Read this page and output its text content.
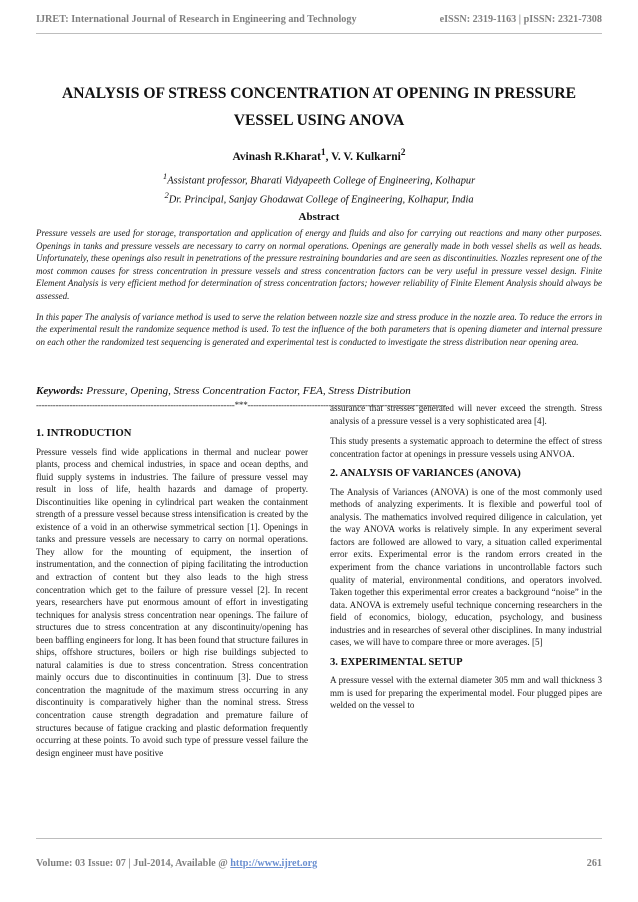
IJRET: International Journal of Research in Engineering and Technology	eISSN: 2319-1163 | pISSN: 2321-7308
ANALYSIS OF STRESS CONCENTRATION AT OPENING IN PRESSURE VESSEL USING ANOVA
Avinash R.Kharat$^1$, V. V. Kulkarni$^2$
$^1$Assistant professor, Bharati Vidyapeeth College of Engineering, Kolhapur
$^2$Dr. Principal, Sanjay Ghodawat College of Engineering, Kolhapur, India
Abstract

Pressure vessels are used for storage, transportation and application of energy and fluids and also for carrying out reactions and many other purposes. Openings in tanks and pressure vessels are necessary to carry on normal operations. Openings are generally made in both vessel shells as well as heads. Unfortunately, these openings also result in penetrations of the pressure restraining boundaries and are seen as discontinuities. Nozzles represent one of the most common causes for stress concentration in pressure vessels and stress concentration factors can be very useful in pressure vessel design. Finite Element Analysis is very efficient method for determination of stress concentration factors; however reliability of Finite Element Analysis should always be assessed.

In this paper The analysis of variance method is used to serve the relation between nozzle size and stress produce in the nozzle area. To reduce the errors in the experimental result the randomize sequence method is used. To test the influence of the both parameters that is opening diameter and internal pressure on each other the randomized test sequencing is generated and experimental test is conducted to investigate the stress distribution near opening area.

Keywords: Pressure, Opening, Stress Concentration Factor, FEA, Stress Distribution
-----------------------------------------------------------------------***-----------------------------------------------------------------------
1. INTRODUCTION

Pressure vessels find wide applications in thermal and nuclear power plants, process and chemical industries, in space and ocean depths, and fluid supply systems in industries. The failure of pressure vessel may result in loss of life, health hazards and damage of property. Discontinuities like opening in cylindrical part weaken the containment strength of a pressure vessel because stress intensification is created by the existence of a void in an otherwise symmetrical section [1]. Openings in tanks and pressure vessels are necessary to carry on normal operations. They allow for the mounting of equipment, the insertion of instrumentation, and the connection of piping facilitating the introduction and extraction of content but they also leads to the high stress concentration which get to the failure of pressure vessel [2]. In recent years, researchers have put enormous amount of effort in investigating techniques for analysis stress concentration near openings. The failure of structures due to stress concentration at any discontinuity/opening has been baffling engineers for long. It has been found that structure failures in ships, offshore structures, boilers or high rise buildings subjected to natural calamities is due to stress concentration. Stress concentration mainly occurs due to discontinuities in continuum [3]. Due to stress concentration the magnitude of the maximum stress occurring in any discontinuity is comparatively higher than the nominal stress. Stress concentration cause strength degradation and premature failure of structures because of fatigue cracking and plastic deformation frequently occurring at these points. To avoid such type of pressure vessel failure the design engineer must have positive

assurance that stresses generated will never exceed the strength. Stress analysis of a pressure vessel is a very sophisticated area [4].

This study presents a systematic approach to determine the effect of stress concentration factor at openings in pressure vessels using ANVOA.

2. ANALYSIS OF VARIANCES (ANOVA)

The Analysis of Variances (ANOVA) is one of the most commonly used methods of analyzing experiments. It is flexible and powerful tool of analysis. The mathematics involved required diligence in calculation, yet the way ANOVA works is relatively simple. In any experiment several factors are followed are allowed to vary, a situation called experimental error exits. Experimental error is the random errors created in the experiment from the chance variations in uncontrollable factors such quality of material, environmental conditions, and operators involved. Taken together this experimental error creates a background “noise” in the data. ANOVA is extremely useful technique concerning researchers in the field of economics, biology, education, psychology, and business industries and in researches of several other disciplines. In many industrial cases, we will have to compare three or more averages. [5]

3. EXPERIMENTAL SETUP

A pressure vessel with the external diameter 305 mm and wall thickness 3 mm is used for preparing the experimental model. Four plugged pipes are welded on the vessel to

Volume: 03 Issue: 07 | Jul-2014, Available @ http://www.ijret.org	261
